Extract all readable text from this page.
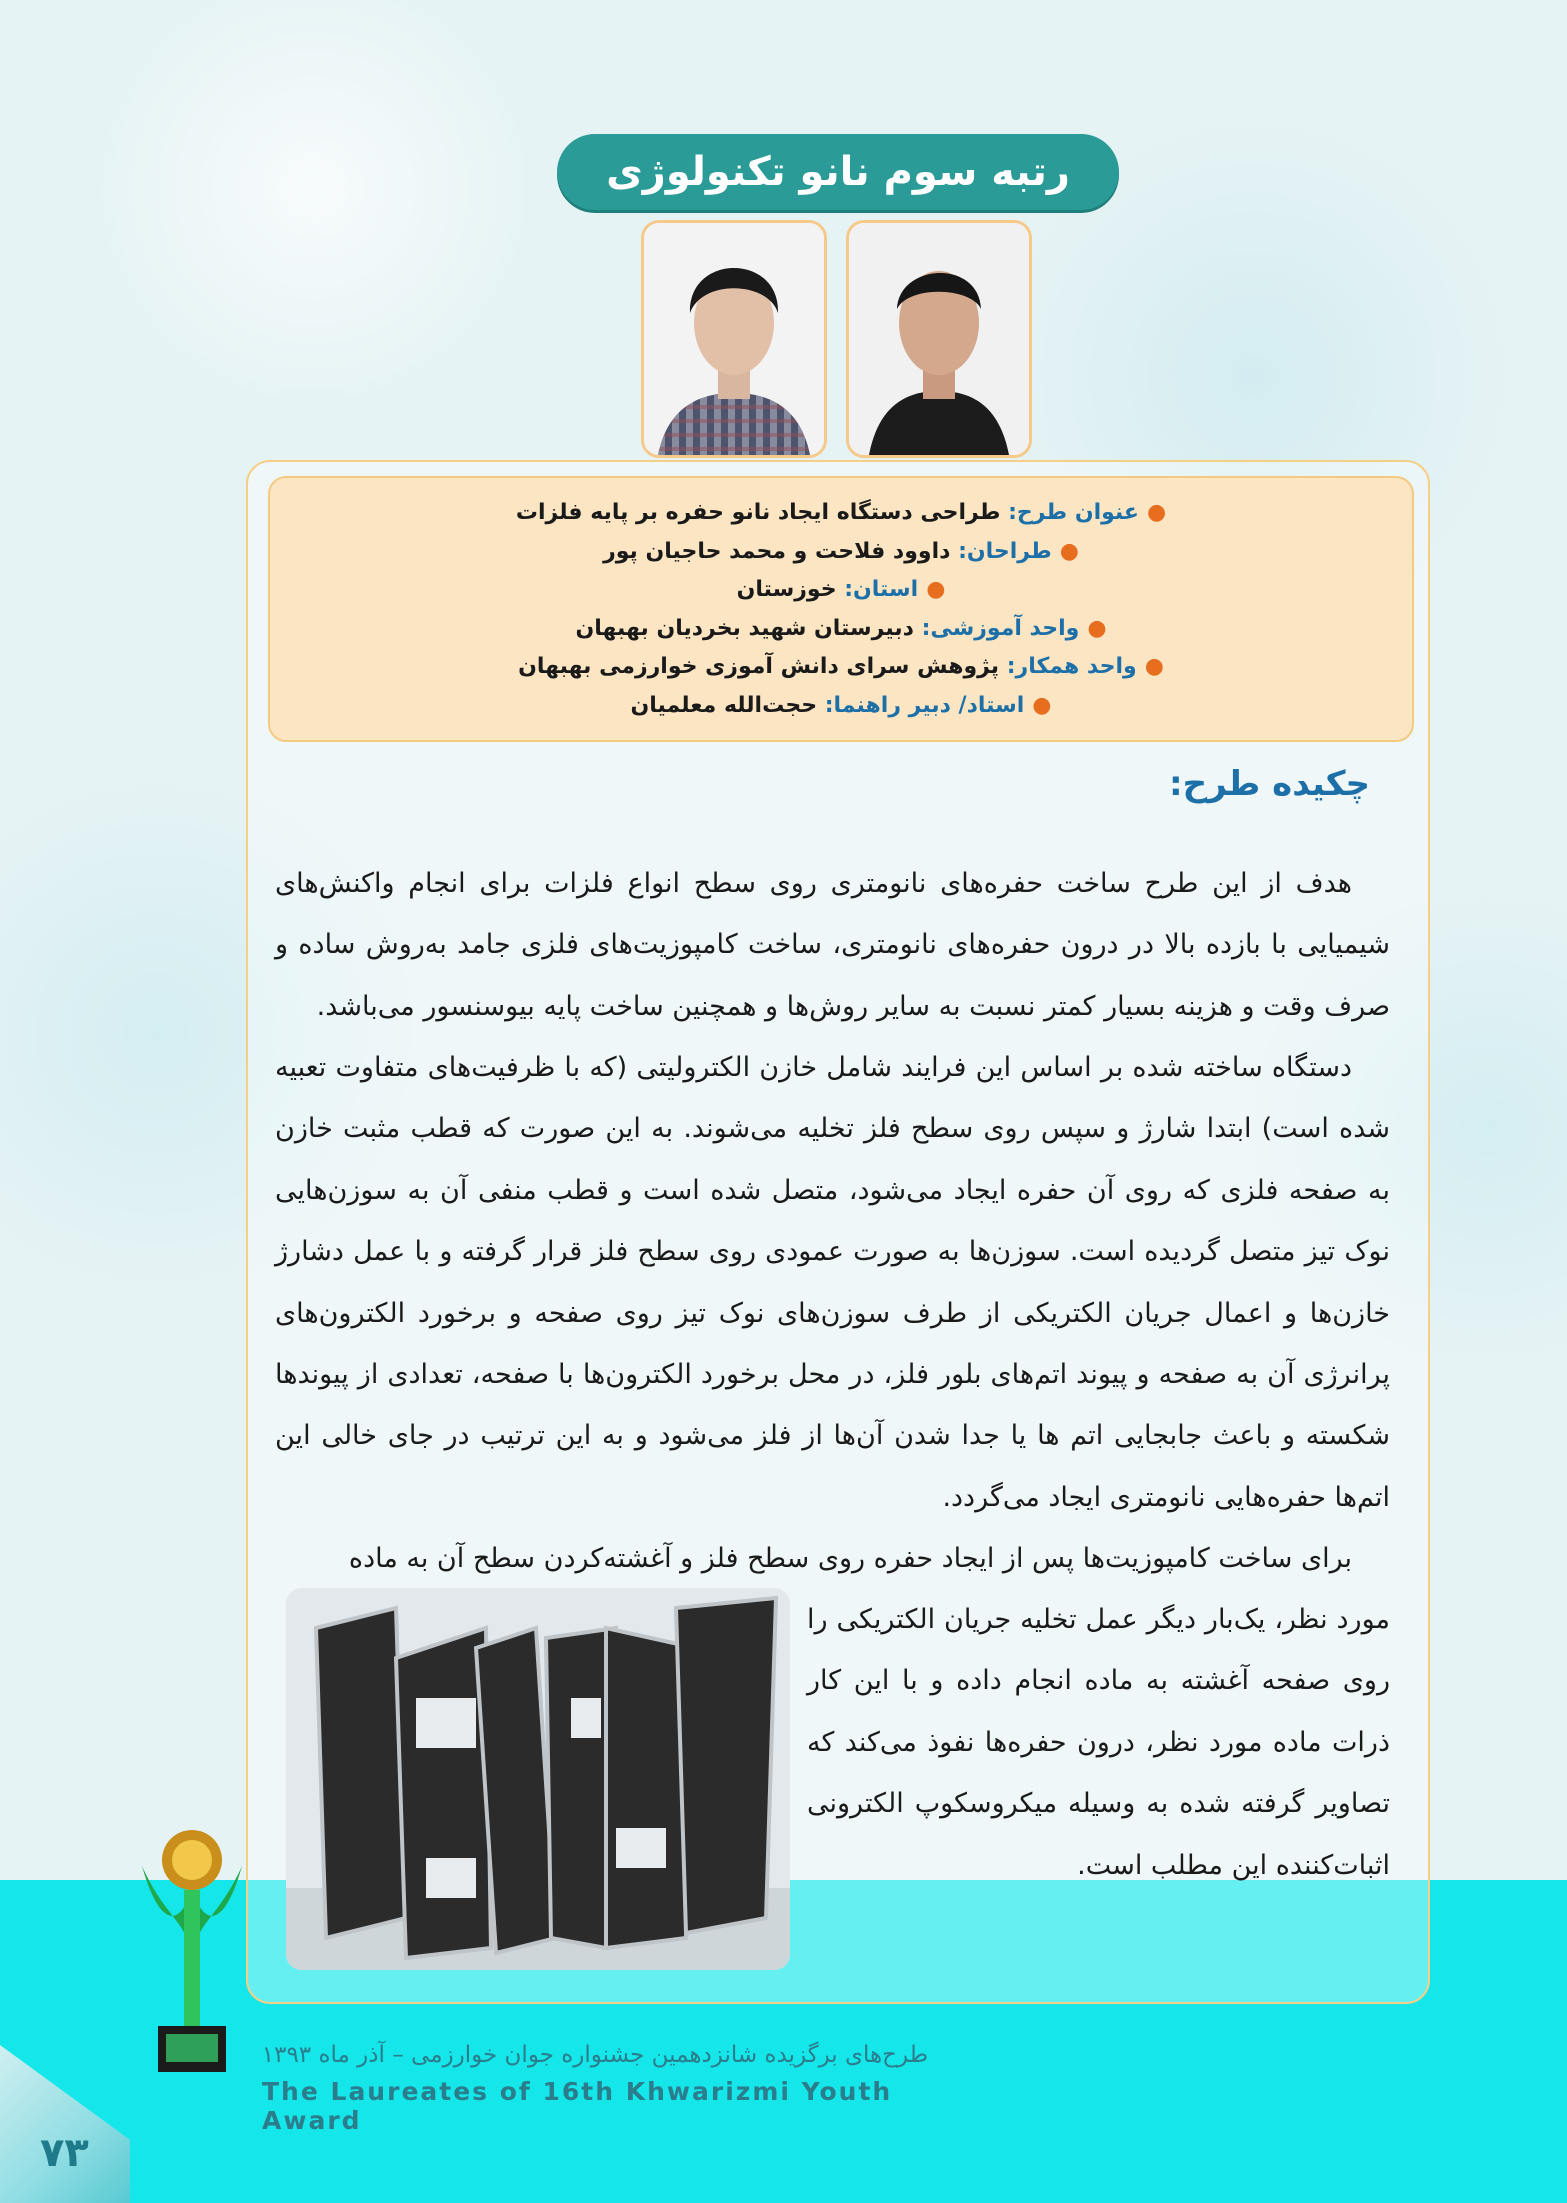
رتبه سوم نانو تکنولوژی
●عنوان طرح: طراحی دستگاه ایجاد نانو حفره بر پایه فلزات
●طراحان: داوود فلاحت و محمد حاجیان پور
●استان: خوزستان
●واحد آموزشی: دبیرستان شهید بخردیان بهبهان
●واحد همکار: پژوهش سرای دانش آموزی خوارزمی بهبهان
●استاد/ دبیر راهنما: حجت‌الله معلمیان
چکیده طرح:

هدف از این طرح ساخت حفره‌های نانومتری روی سطح انواع فلزات برای انجام واکنش‌های شیمیایی با بازده بالا در درون حفره‌های نانومتری، ساخت کامپوزیت‌های فلزی جامد به‌روش ساده و صرف وقت و هزینه بسیار کمتر نسبت به سایر روش‌ها و همچنین ساخت پایه بیوسنسور می‌باشد.

دستگاه ساخته شده بر اساس این فرایند شامل خازن الکترولیتی (که با ظرفیت‌های متفاوت تعبیه شده است) ابتدا شارژ و سپس روی سطح فلز تخلیه می‌شوند. به این صورت که قطب مثبت خازن به صفحه فلزی که روی آن حفره ایجاد می‌شود، متصل شده است و قطب منفی آن به سوزن‌هایی نوک تیز متصل گردیده است. سوزن‌ها به صورت عمودی روی سطح فلز قرار گرفته و با عمل دشارژ خازن‌ها و اعمال جریان الکتریکی از طرف سوزن‌های نوک تیز روی صفحه و برخورد الکترون‌های پرانرژی آن به صفحه و پیوند اتم‌های بلور فلز، در محل برخورد الکترون‌ها با صفحه، تعدادی از پیوندها شکسته و باعث جابجایی اتم ها یا جدا شدن آن‌ها از فلز می‌شود و به این ترتیب در جای خالی این اتم‌ها حفره‌هایی نانومتری ایجاد می‌گردد.

برای ساخت کامپوزیت‌ها پس از ایجاد حفره روی سطح فلز و آغشته‌کردن سطح آن به ماده

مورد نظر، یک‌بار دیگر عمل تخلیه جریان الکتریکی را روی صفحه آغشته به ماده انجام داده و با این کار ذرات ماده مورد نظر، درون حفره‌ها نفوذ می‌کند که تصاویر گرفته شده به وسیله میکروسکوپ الکترونی اثبات‌کننده این مطلب است.

طرح‌های برگزیده شانزدهمین جشنواره جوان خوارزمی – آذر ماه ۱۳۹۳
The Laureates of 16th Khwarizmi Youth Award
۷۳
